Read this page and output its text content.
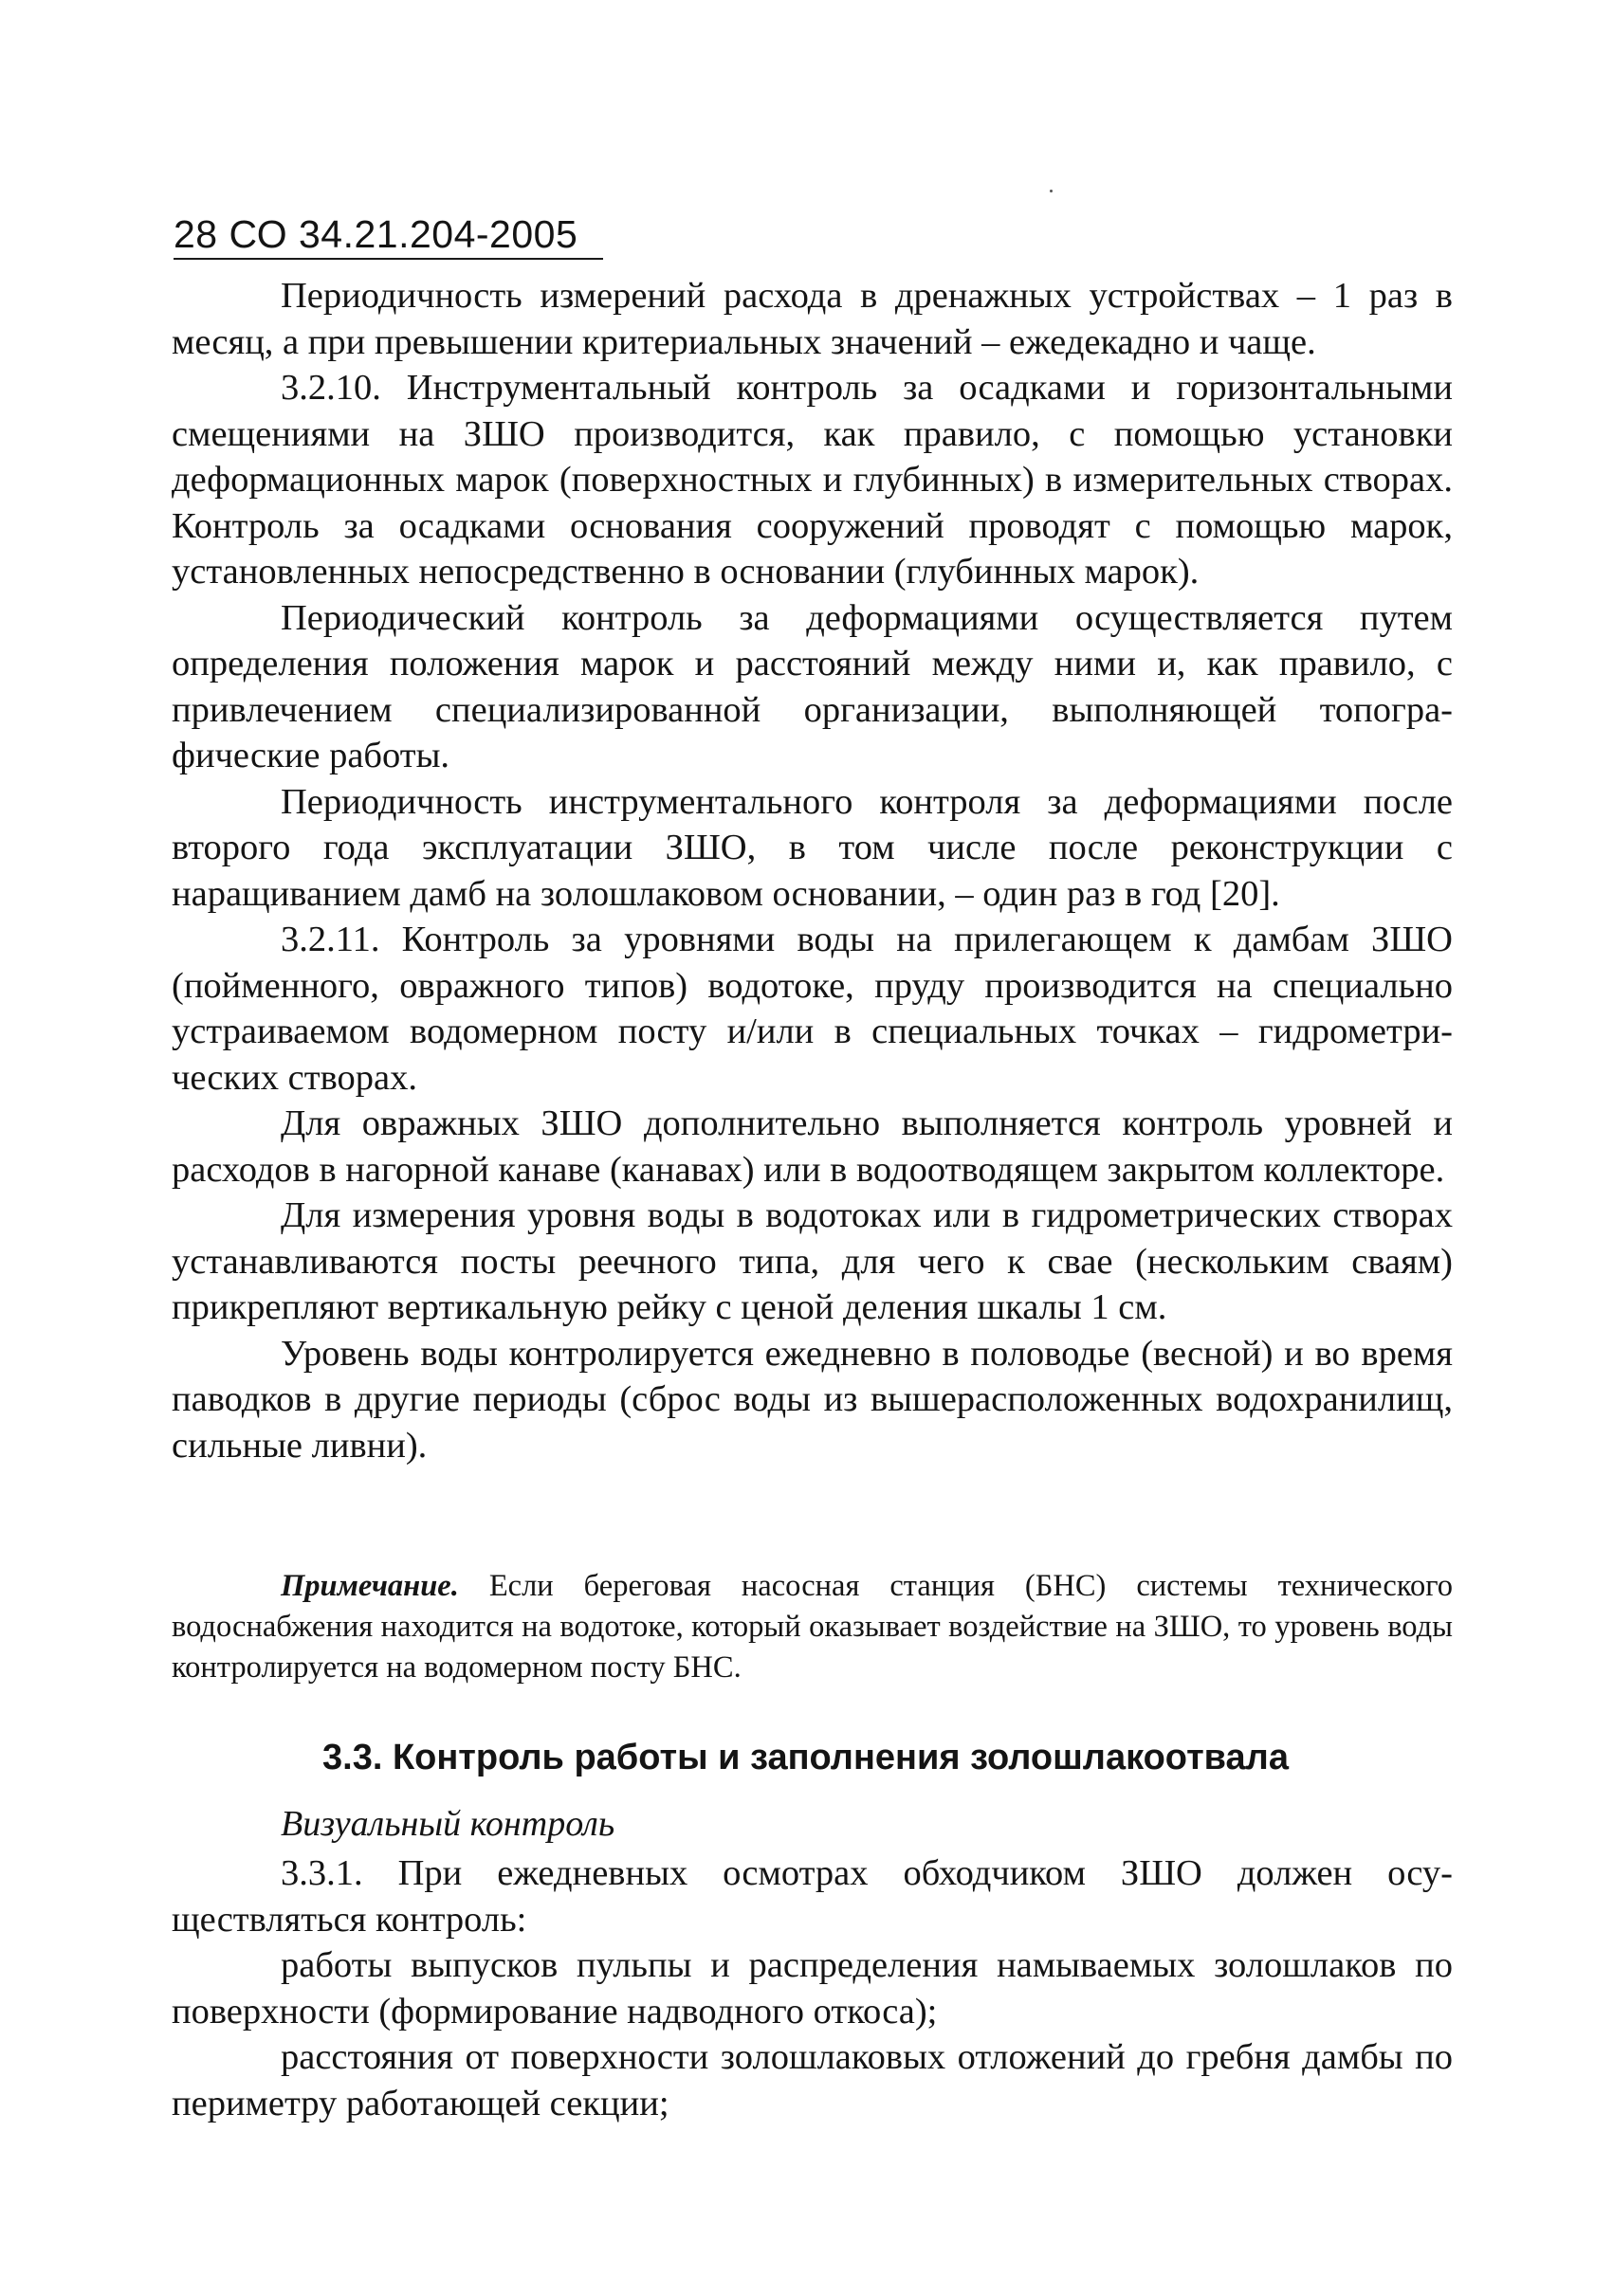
28 СО 34.21.204-2005

Периодичность измерений расхода в дренажных устройствах – 1 раз в месяц, а при превышении критериальных значений – ежедекадно и чаще.

3.2.10. Инструментальный контроль за осадками и горизонтальными смещениями на ЗШО производится, как правило, с помощью установки деформационных марок (поверхностных и глубинных) в измерительных створах. Контроль за осадками основания сооружений проводят с помощью марок, установленных непосредственно в основании (глубинных марок).

Периодический контроль за деформациями осуществляется путем определения положения марок и расстояний между ними и, как правило, с привлечением специализированной организации, выполняющей топогра-фические работы.

Периодичность инструментального контроля за деформациями после второго года эксплуатации ЗШО, в том числе после реконструкции с наращиванием дамб на золошлаковом основании, – один раз в год [20].

3.2.11. Контроль за уровнями воды на прилегающем к дамбам ЗШО (пойменного, овражного типов) водотоке, пруду производится на специально устраиваемом водомерном посту и/или в специальных точках – гидрометри-ческих створах.

Для овражных ЗШО дополнительно выполняется контроль уровней и расходов в нагорной канаве (канавах) или в водоотводящем закрытом коллекторе.

Для измерения уровня воды в водотоках или в гидрометрических створах устанавливаются посты реечного типа, для чего к свае (нескольким сваям) прикрепляют вертикальную рейку с ценой деления шкалы 1 см.

Уровень воды контролируется ежедневно в половодье (весной) и во время паводков в другие периоды (сброс воды из вышерасположенных водохранилищ, сильные ливни).

Примечание. Если береговая насосная станция (БНС) системы технического водоснабжения находится на водотоке, который оказывает воздействие на ЗШО, то уровень воды контролируется на водомерном посту БНС.
3.3. Контроль работы и заполнения золошлакоотвала
Визуальный контроль

3.3.1. При ежедневных осмотрах обходчиком ЗШО должен осу-ществляться контроль:

работы выпусков пульпы и распределения намываемых золошлаков по поверхности (формирование надводного откоса);

расстояния от поверхности золошлаковых отложений до гребня дамбы по периметру работающей секции;
